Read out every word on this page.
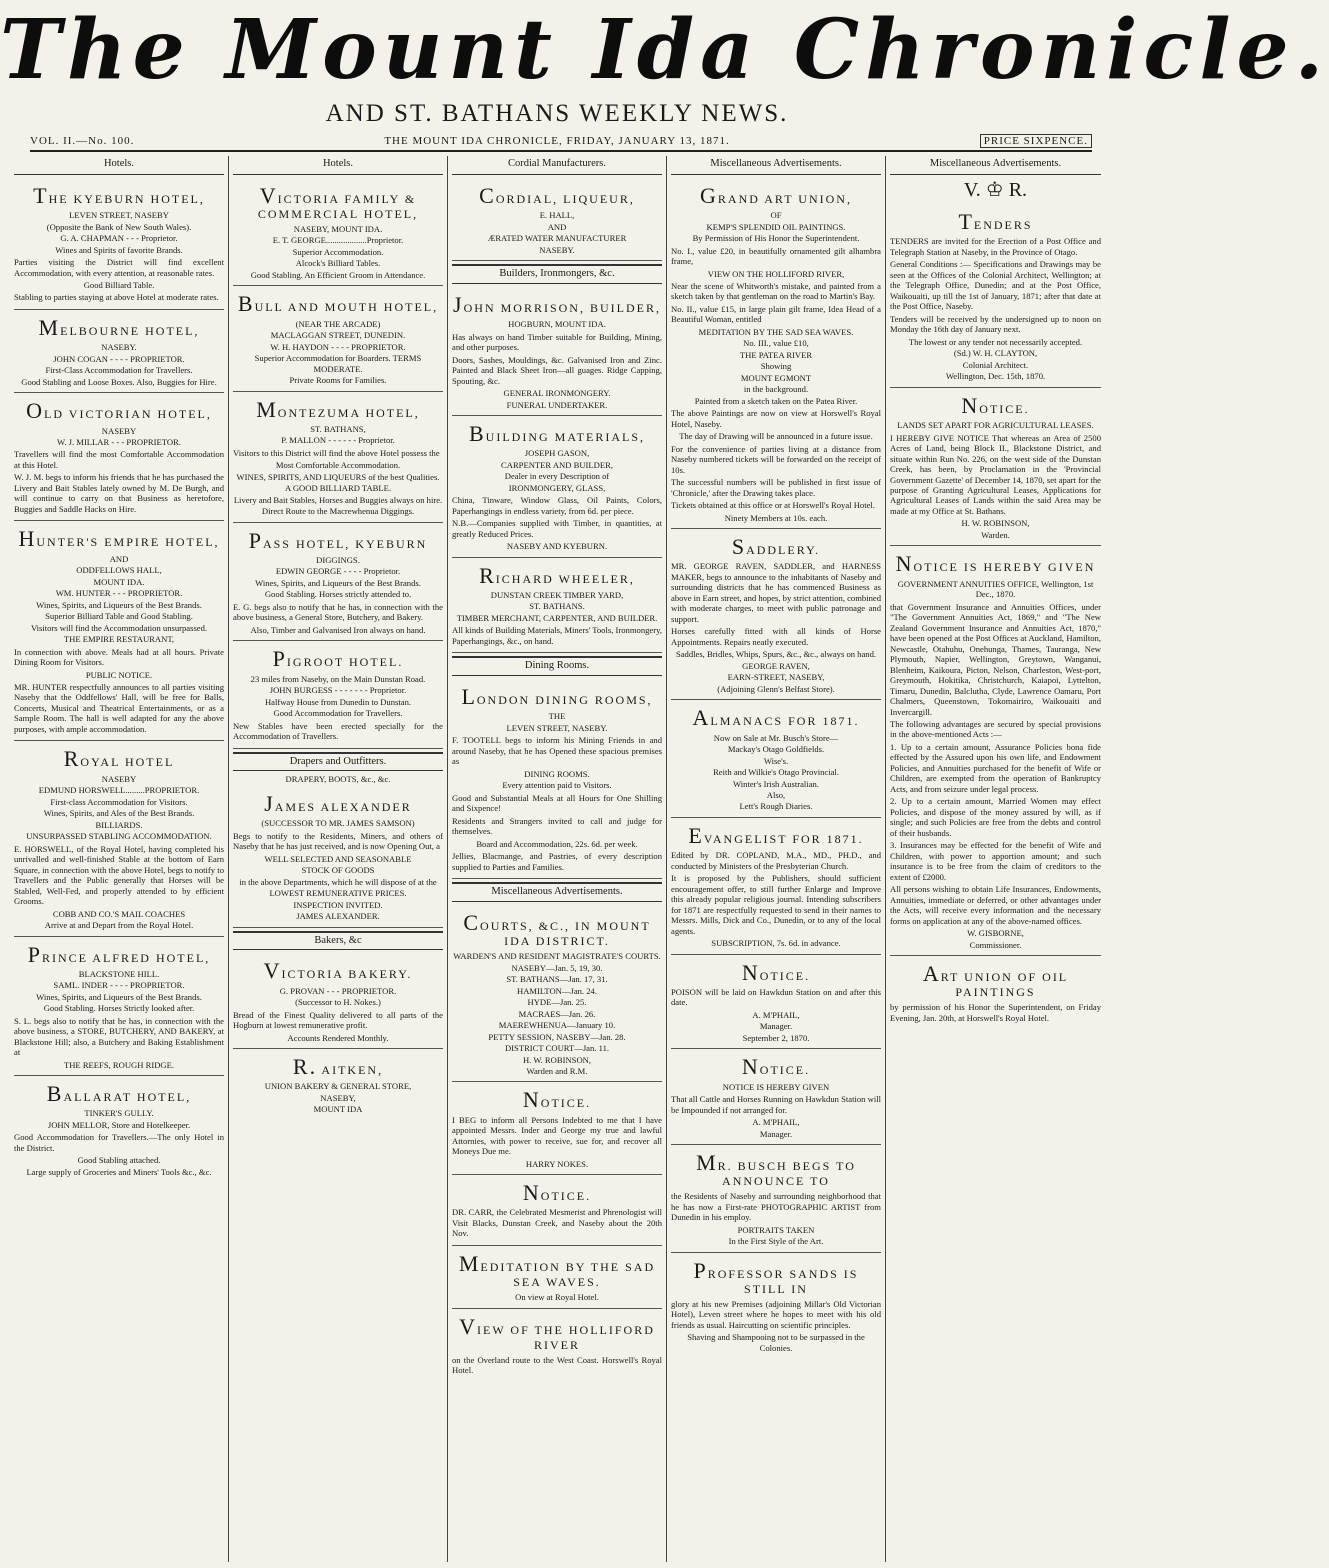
The Mount Ida Chronicle.
AND ST. BATHANS WEEKLY NEWS.
VOL. II.—No. 100.	THE MOUNT IDA CHRONICLE, FRIDAY, JANUARY 13, 1871.	PRICE SIXPENCE.
Hotels.
THE KYEBURN HOTEL,
LEVEN STREET, NASEBY
(Opposite the Bank of New South Wales).
G. A. CHAPMAN - - - Proprietor.
Wines and Spirits of favorite Brands.
Parties visiting the District will find excellent Accommodation, with every attention, at reasonable rates.
Good Billiard Table.
Stabling to parties staying at above Hotel at moderate rates.
MELBOURNE HOTEL,
NASEBY.
JOHN COGAN - - - - PROPRIETOR.
First-Class Accommodation for Travellers.
Good Stabling and Loose Boxes. Also, Buggies for Hire.
OLD VICTORIAN HOTEL,
NASEBY
W. J. MILLAR - - - PROPRIETOR.
Travellers will find the most Comfortable Accommodation at this Hotel.
W. J. M. begs to inform his friends that he has purchased the Livery and Bait Stables lately owned by M. De Burgh, and will continue to carry on that Business as heretofore, Buggies and Saddle Hacks on Hire.
HUNTER'S EMPIRE HOTEL,
AND
ODDFELLOWS HALL,
MOUNT IDA.
WM. HUNTER - - - PROPRIETOR.
Wines, Spirits, and Liqueurs of the Best Brands.
Superior Billiard Table and Good Stabling.
Visitors will find the Accommodation unsurpassed.
THE EMPIRE RESTAURANT,
In connection with above. Meals had at all hours. Private Dining Room for Visitors.
PUBLIC NOTICE.
MR. HUNTER respectfully announces to all parties visiting Naseby that the Oddfellows' Hall, will be free for Balls, Concerts, Musical and Theatrical Entertainments, or as a Sample Room. The hall is well adapted for any the above purposes, with ample accommodation.
ROYAL HOTEL
NASEBY
EDMUND HORSWELL.........PROPRIETOR.
First-class Accommodation for Visitors.
Wines, Spirits, and Ales of the Best Brands.
BILLIARDS.
UNSURPASSED STABLING ACCOMMODATION.
E. HORSWELL, of the Royal Hotel, having completed his unrivalled and well-finished Stable at the bottom of Earn Square, in connection with the above Hotel, begs to notify to Travellers and the Public generally that Horses will be Stabled, Well-Fed, and properly attended to by efficient Grooms.
COBB AND CO.'S MAIL COACHES
Arrive at and Depart from the Royal Hotel.
PRINCE ALFRED HOTEL,
BLACKSTONE HILL.
SAML. INDER - - - - PROPRIETOR.
Wines, Spirits, and Liqueurs of the Best Brands.
Good Stabling. Horses Strictly looked after.
S. L. begs also to notify that he has, in connection with the above business, a STORE, BUTCHERY, AND BAKERY, at Blackstone Hill; also, a Butchery and Baking Establishment at
THE REEFS, ROUGH RIDGE.
BALLARAT HOTEL,
TINKER'S GULLY.
JOHN MELLOR, Store and Hotelkeeper.
Good Accommodation for Travellers.—The only Hotel in the District.
Good Stabling attached.
Large supply of Groceries and Miners' Tools &c., &c.
Hotels.
VICTORIA FAMILY & COMMERCIAL HOTEL,
NASEBY, MOUNT IDA.
E. T. GEORGE...................Proprietor.
Superior Accommodation.
Alcock's Billiard Tables.
Good Stabling. An Efficient Groom in Attendance.
BULL AND MOUTH HOTEL,
(NEAR THE ARCADE)
MACLAGGAN STREET, DUNEDIN.
W. H. HAYDON - - - - PROPRIETOR.
Superior Accommodation for Boarders. TERMS MODERATE.
Private Rooms for Families.
MONTEZUMA HOTEL,
ST. BATHANS,
P. MALLON - - - - - - Proprietor.
Visitors to this District will find the above Hotel possess the
Most Comfortable Accommodation.
WINES, SPIRITS, AND LIQUEURS of the best Qualities.
A GOOD BILLIARD TABLE.
Livery and Bait Stables, Horses and Buggies always on hire.
Direct Route to the Macrewhenua Diggings.
PASS HOTEL, KYEBURN
DIGGINGS.
EDWIN GEORGE - - - - Proprietor.
Wines, Spirits, and Liqueurs of the Best Brands.
Good Stabling. Horses strictly attended to.
E. G. begs also to notify that he has, in connection with the above business, a General Store, Butchery, and Bakery.
Also, Timber and Galvanised Iron always on hand.
PIGROOT HOTEL.
23 miles from Naseby, on the Main Dunstan Road.
JOHN BURGESS - - - - - - - Proprietor.
Halfway House from Dunedin to Dunstan.
Good Accommodation for Travellers.
New Stables have been erected specially for the Accommodation of Travellers.
Drapers and Outfitters.
DRAPERY, BOOTS, &c., &c.
JAMES ALEXANDER
(SUCCESSOR TO MR. JAMES SAMSON)
Begs to notify to the Residents, Miners, and others of Naseby that he has just received, and is now Opening Out, a
WELL SELECTED AND SEASONABLE
STOCK OF GOODS
in the above Departments, which he will dispose of at the
LOWEST REMUNERATIVE PRICES.
INSPECTION INVITED.
JAMES ALEXANDER.
Bakers, &c
VICTORIA BAKERY.
G. PROVAN - - - PROPRIETOR.
(Successor to H. Nokes.)
Bread of the Finest Quality delivered to all parts of the Hogburn at lowest remunerative profit.
Accounts Rendered Monthly.
R. AITKEN,
UNION BAKERY & GENERAL STORE,
NASEBY,
MOUNT IDA
Cordial Manufacturers.
CORDIAL, LIQUEUR,
E. HALL,
AND
ÆRATED WATER MANUFACTURER
NASEBY.
Builders, Ironmongers, &c.
JOHN MORRISON, BUILDER,
HOGBURN, MOUNT IDA.
Has always on hand Timber suitable for Building, Mining, and other purposes.
Doors, Sashes, Mouldings, &c. Galvanised Iron and Zinc. Painted and Black Sheet Iron—all guages. Ridge Capping, Spouting, &c.
GENERAL IRONMONGERY.
FUNERAL UNDERTAKER.
BUILDING MATERIALS,
JOSEPH GASON,
CARPENTER AND BUILDER,
Dealer in every Description of
IRONMONGERY, GLASS,
China, Tinware, Window Glass, Oil Paints, Colors, Paperhangings in endless variety, from 6d. per piece.
N.B.—Companies supplied with Timber, in quantities, at greatly Reduced Prices.
NASEBY AND KYEBURN.
RICHARD WHEELER,
DUNSTAN CREEK TIMBER YARD,
ST. BATHANS.
TIMBER MERCHANT, CARPENTER, AND BUILDER.
All kinds of Building Materials, Miners' Tools, Ironmongery, Paperhangings, &c., on hand.
Dining Rooms.
LONDON DINING ROOMS,
THE
LEVEN STREET, NASEBY.
F. TOOTELL begs to inform his Mining Friends in and around Naseby, that he has Opened these spacious premises as
DINING ROOMS.
Every attention paid to Visitors.
Good and Substantial Meals at all Hours for One Shilling and Sixpence!
Residents and Strangers invited to call and judge for themselves.
Board and Accommodation, 22s. 6d. per week.
Jellies, Blacmange, and Pastries, of every description supplied to Parties and Families.
Miscellaneous Advertisements.
COURTS, &C., IN MOUNT IDA DISTRICT.
WARDEN'S AND RESIDENT MAGISTRATE'S COURTS.
NASEBY—Jan. 5, 19, 30.
ST. BATHANS—Jan. 17, 31.
HAMILTON—Jan. 24.
HYDE—Jan. 25.
MACRAES—Jan. 26.
MAEREWHENUA—January 10.
PETTY SESSION, NASEBY—Jan. 28.
DISTRICT COURT—Jan. 11.
H. W. ROBINSON,
Warden and R.M.
NOTICE.
I BEG to inform all Persons Indebted to me that I have appointed Messrs. Inder and George my true and lawful Attornies, with power to receive, sue for, and recover all Moneys Due me.
HARRY NOKES.
NOTICE.
DR. CARR, the Celebrated Mesmerist and Phrenologist will Visit Blacks, Dunstan Creek, and Naseby about the 20th Nov.
MEDITATION BY THE SAD SEA WAVES.
On view at Royal Hotel.
VIEW OF THE HOLLIFORD RIVER
on the Overland route to the West Coast. Horswell's Royal Hotel.
Miscellaneous Advertisements.
GRAND ART UNION,
OF
KEMP'S SPLENDID OIL PAINTINGS.
By Permission of His Honor the Superintendent.
No. I., value £20, in beautifully ornamented gilt alhambra frame,
VIEW ON THE HOLLIFORD RIVER,
Near the scene of Whitworth's mistake, and painted from a sketch taken by that gentleman on the road to Martin's Bay.
No. II., value £15, in large plain gilt frame, Idea Head of a Beautiful Woman, entitled
MEDITATION BY THE SAD SEA WAVES.
No. III., value £10,
THE PATEA RIVER
Showing
MOUNT EGMONT
in the background.
Painted from a sketch taken on the Patea River.
The above Paintings are now on view at Horswell's Royal Hotel, Naseby.
The day of Drawing will be announced in a future issue.
For the convenience of parties living at a distance from Naseby numbered tickets will be forwarded on the receipt of 10s.
The successful numbers will be published in first issue of 'Chronicle,' after the Drawing takes place.
Tickets obtained at this office or at Horswell's Royal Hotel.
Ninety Members at 10s. each.
SADDLERY.
MR. GEORGE RAVEN, SADDLER, and HARNESS MAKER, begs to announce to the inhabitants of Naseby and surrounding districts that he has commenced Business as above in Earn street, and hopes, by strict attention, combined with moderate charges, to meet with public patronage and support.
Horses carefully fitted with all kinds of Horse Appointments. Repairs neatly executed.
Saddles, Bridles, Whips, Spurs, &c., &c., always on hand.
GEORGE RAVEN,
EARN-STREET, NASEBY,
(Adjoining Glenn's Belfast Store).
ALMANACS FOR 1871.
Now on Sale at Mr. Busch's Store—
Mackay's Otago Goldfields.
Wise's.
Reith and Wilkie's Otago Provincial.
Winter's Irish Australian.
Also,
Lett's Rough Diaries.
EVANGELIST FOR 1871.
Edited by DR. COPLAND, M.A., MD., PH.D., and conducted by Ministers of the Presbyterian Church.
It is proposed by the Publishers, should sufficient encouragement offer, to still further Enlarge and Improve this already popular religious journal. Intending subscribers for 1871 are respectfully requested to send in their names to Messrs. Mills, Dick and Co., Dunedin, or to any of the local agents.
SUBSCRIPTION, 7s. 6d. in advance.
NOTICE.
POISON will be laid on Hawkdun Station on and after this date.
A. M'PHAIL,
Manager.
September 2, 1870.
NOTICE.
NOTICE IS HEREBY GIVEN
That all Cattle and Horses Running on Hawkdun Station will be Impounded if not arranged for.
A. M'PHAIL,
Manager.
MR. BUSCH BEGS TO ANNOUNCE TO
the Residents of Naseby and surrounding neighborhood that he has now a First-rate PHOTOGRAPHIC ARTIST from Dunedin in his employ.
PORTRAITS TAKEN
In the First Style of the Art.
PROFESSOR SANDS IS STILL IN
glory at his new Premises (adjoining Millar's Old Victorian Hotel), Leven street where he hopes to meet with his old friends as usual. Haircutting on scientific principles.
Shaving and Shampooing not to be surpassed in the Colonies.
Miscellaneous Advertisements.
V. ♔ R.
TENDERS
TENDERS are invited for the Erection of a Post Office and Telegraph Station at Naseby, in the Province of Otago.
General Conditions :— Specifications and Drawings may be seen at the Offices of the Colonial Architect, Wellington; at the Telegraph Office, Dunedin; and at the Post Office, Waikouaiti, up till the 1st of January, 1871; after that date at the Post Office, Naseby.
Tenders will be received by the undersigned up to noon on Monday the 16th day of January next.
The lowest or any tender not necessarily accepted.
(Sd.) W. H. CLAYTON,
Colonial Architect.
Wellington, Dec. 15th, 1870.
NOTICE.
LANDS SET APART FOR AGRICULTURAL LEASES.
I HEREBY GIVE NOTICE That whereas an Area of 2500 Acres of Land, being Block II., Blackstone District, and situate within Run No. 226, on the west side of the Dunstan Creek, has been, by Proclamation in the 'Provincial Government Gazette' of December 14, 1870, set apart for the purpose of Granting Agricultural Leases, Applications for Agricultural Leases of Lands within the said Area may be made at my Office at St. Bathans.
H. W. ROBINSON,
Warden.
NOTICE IS HEREBY GIVEN
GOVERNMENT ANNUITIES OFFICE, Wellington, 1st Dec., 1870.
that Government Insurance and Annuities Offices, under "The Government Annuities Act, 1869," and "The New Zealand Government Insurance and Annuities Act, 1870," have been opened at the Post Offices at Auckland, Hamilton, Newcastle, Otahuhu, Onehunga, Thames, Tauranga, New Plymouth, Napier, Wellington, Greytown, Wanganui, Blenheim, Kaikoura, Picton, Nelson, Charleston, West-port, Greymouth, Hokitika, Christchurch, Kaiapoi, Lyttelton, Timaru, Dunedin, Balclutha, Clyde, Lawrence Oamaru, Port Chalmers, Queenstown, Tokomairiro, Waikouaiti and Invercargill.
The following advantages are secured by special provisions in the above-mentioned Acts :—
1. Up to a certain amount, Assurance Policies bona fide effected by the Assured upon his own life, and Endowment Policies, and Annuities purchased for the benefit of Wife or Children, are exempted from the operation of Bankruptcy Acts, and from seizure under legal process.
2. Up to a certain amount, Married Women may effect Policies, and dispose of the money assured by will, as if single; and such Policies are free from the debts and control of their husbands.
3. Insurances may be effected for the benefit of Wife and Children, with power to apportion amount; and such insurance is to be free from the claim of creditors to the extent of £2000.
All persons wishing to obtain Life Insurances, Endowments, Annuities, immediate or deferred, or other advantages under the Acts, will receive every information and the necessary forms on application at any of the above-named offices.
W. GISBORNE,
Commissioner.
ART UNION OF OIL PAINTINGS
by permission of his Honor the Superintendent, on Friday Evening, Jan. 20th, at Horswell's Royal Hotel.
